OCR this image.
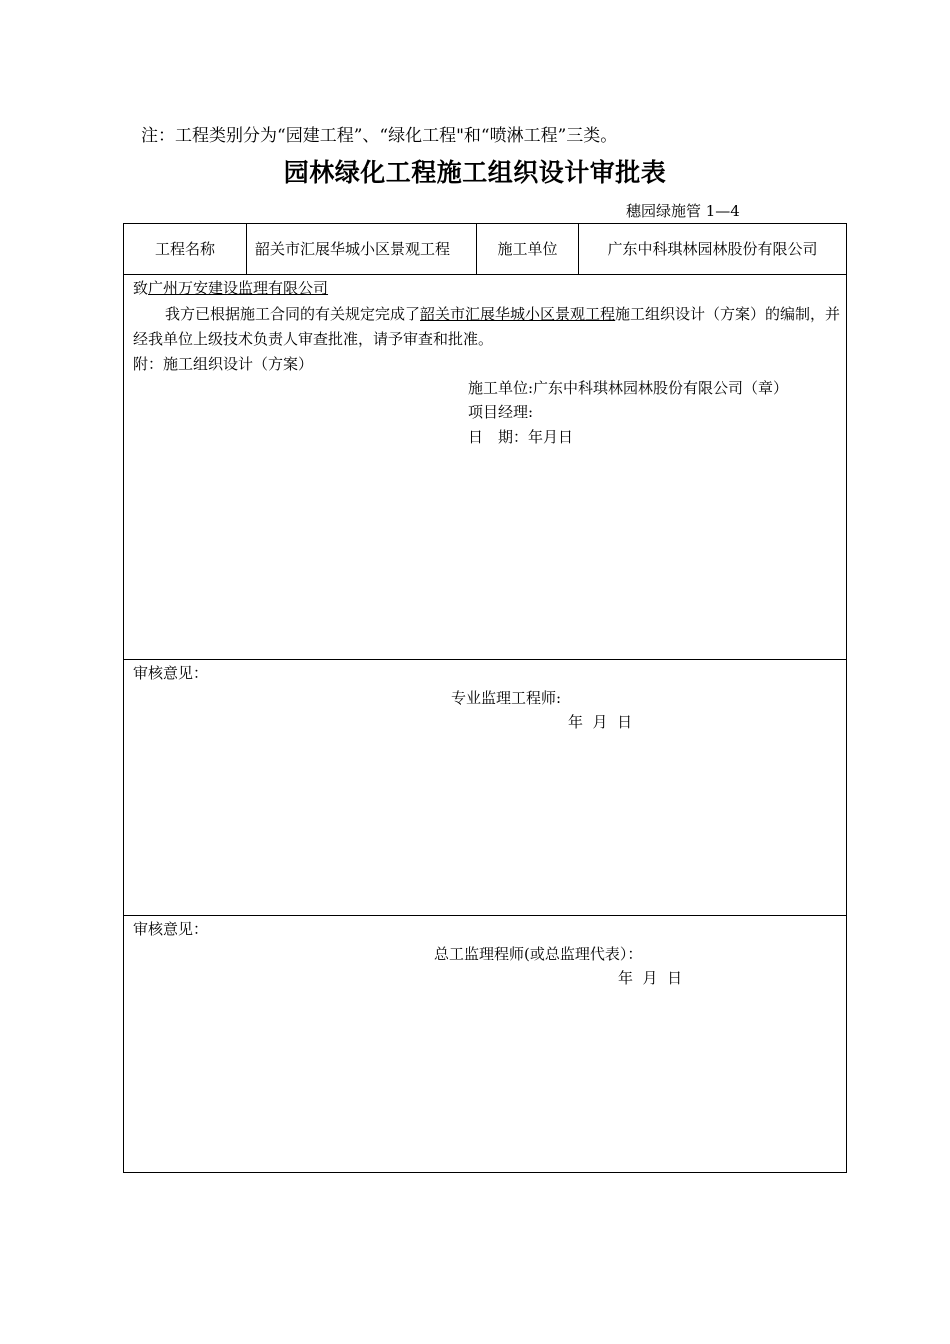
注：工程类别分为“园建工程”、“绿化工程"和“喷淋工程”三类。
园林绿化工程施工组织设计审批表
穗园绿施管 1—4
工程名称	韶关市汇展华城小区景观工程	施工单位	广东中科琪林园林股份有限公司

致广州万安建设监理有限公司
我方已根据施工合同的有关规定完成了韶关市汇展华城小区景观工程施工组织设计（方案）的编制，并经我单位上级技术负责人审查批准，请予审查和批准。
附：施工组织设计（方案）
施工单位:广东中科琪林园林股份有限公司（章）
项目经理:
日　期：年月日

审核意见：
专业监理工程师:
年  月  日

审核意见：
总工监理程师(或总监理代表）：
年  月  日
